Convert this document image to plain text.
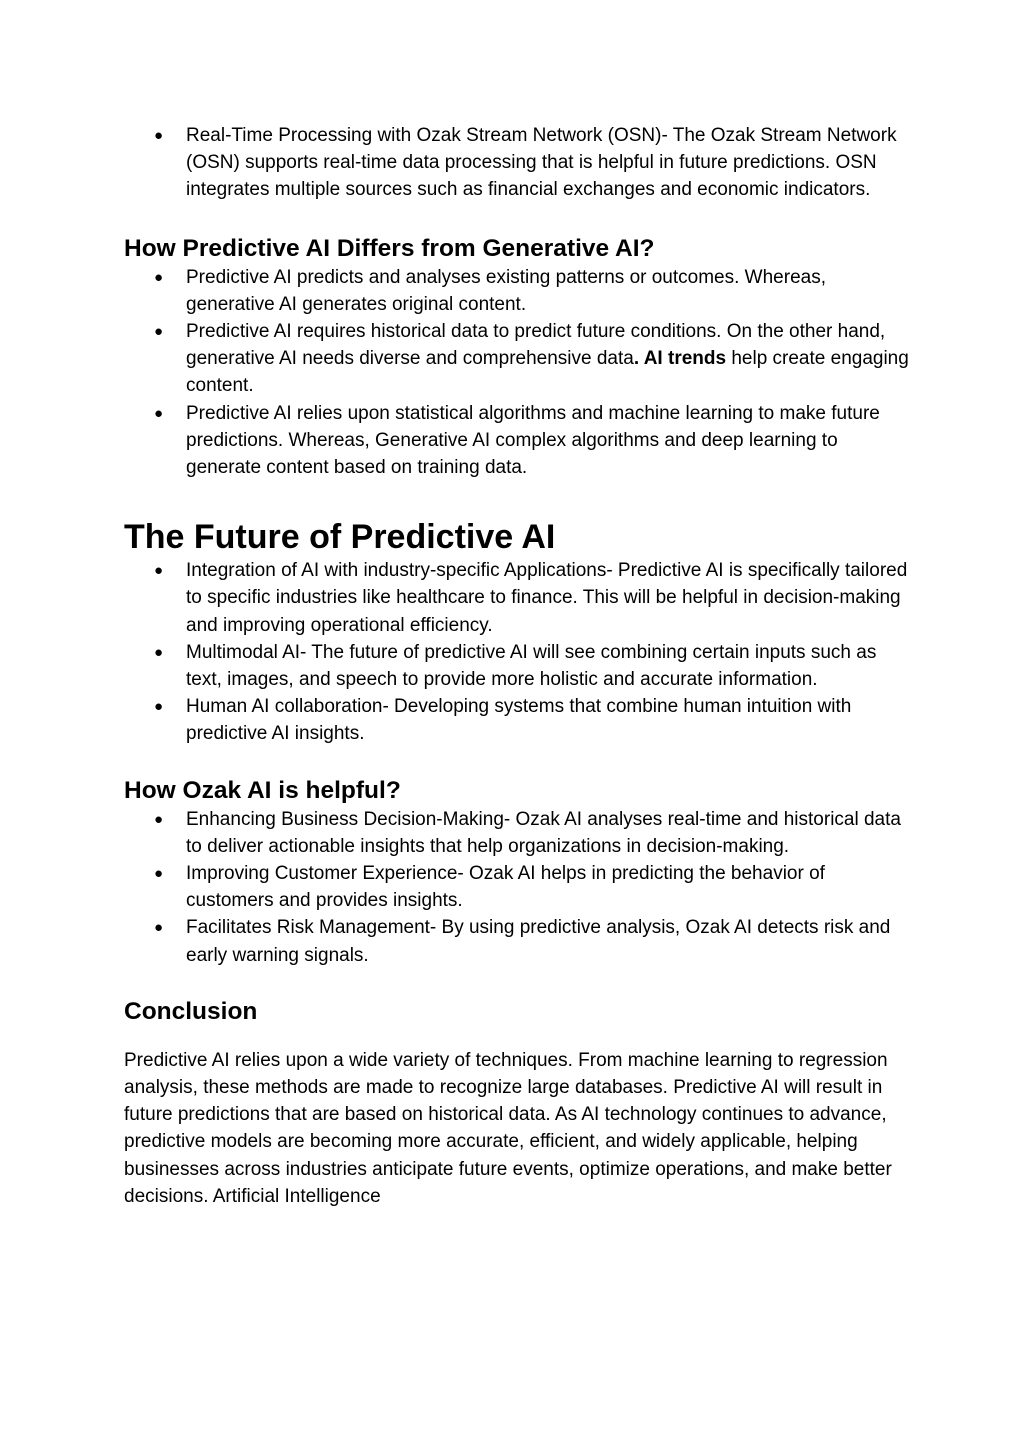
● Real-Time Processing with Ozak Stream Network (OSN)- The Ozak Stream Network (OSN) supports real-time data processing that is helpful in future predictions. OSN integrates multiple sources such as financial exchanges and economic indicators.
How Predictive AI Differs from Generative AI?
● Predictive AI predicts and analyses existing patterns or outcomes. Whereas, generative AI generates original content.
● Predictive AI requires historical data to predict future conditions. On the other hand, generative AI needs diverse and comprehensive data. AI trends help create engaging content.
● Predictive AI relies upon statistical algorithms and machine learning to make future predictions. Whereas, Generative AI complex algorithms and deep learning to generate content based on training data.
The Future of Predictive AI
● Integration of AI with industry-specific Applications- Predictive AI is specifically tailored to specific industries like healthcare to finance. This will be helpful in decision-making and improving operational efficiency.
● Multimodal AI- The future of predictive AI will see combining certain inputs such as text, images, and speech to provide more holistic and accurate information.
● Human AI collaboration- Developing systems that combine human intuition with predictive AI insights.
How Ozak AI is helpful?
● Enhancing Business Decision-Making- Ozak AI analyses real-time and historical data to deliver actionable insights that help organizations in decision-making.
● Improving Customer Experience- Ozak AI helps in predicting the behavior of customers and provides insights.
● Facilitates Risk Management- By using predictive analysis, Ozak AI detects risk and early warning signals.
Conclusion

Predictive AI relies upon a wide variety of techniques. From machine learning to regression analysis, these methods are made to recognize large databases. Predictive AI will result in future predictions that are based on historical data. As AI technology continues to advance, predictive models are becoming more accurate, efficient, and widely applicable, helping businesses across industries anticipate future events, optimize operations, and make better decisions. Artificial Intelligence
